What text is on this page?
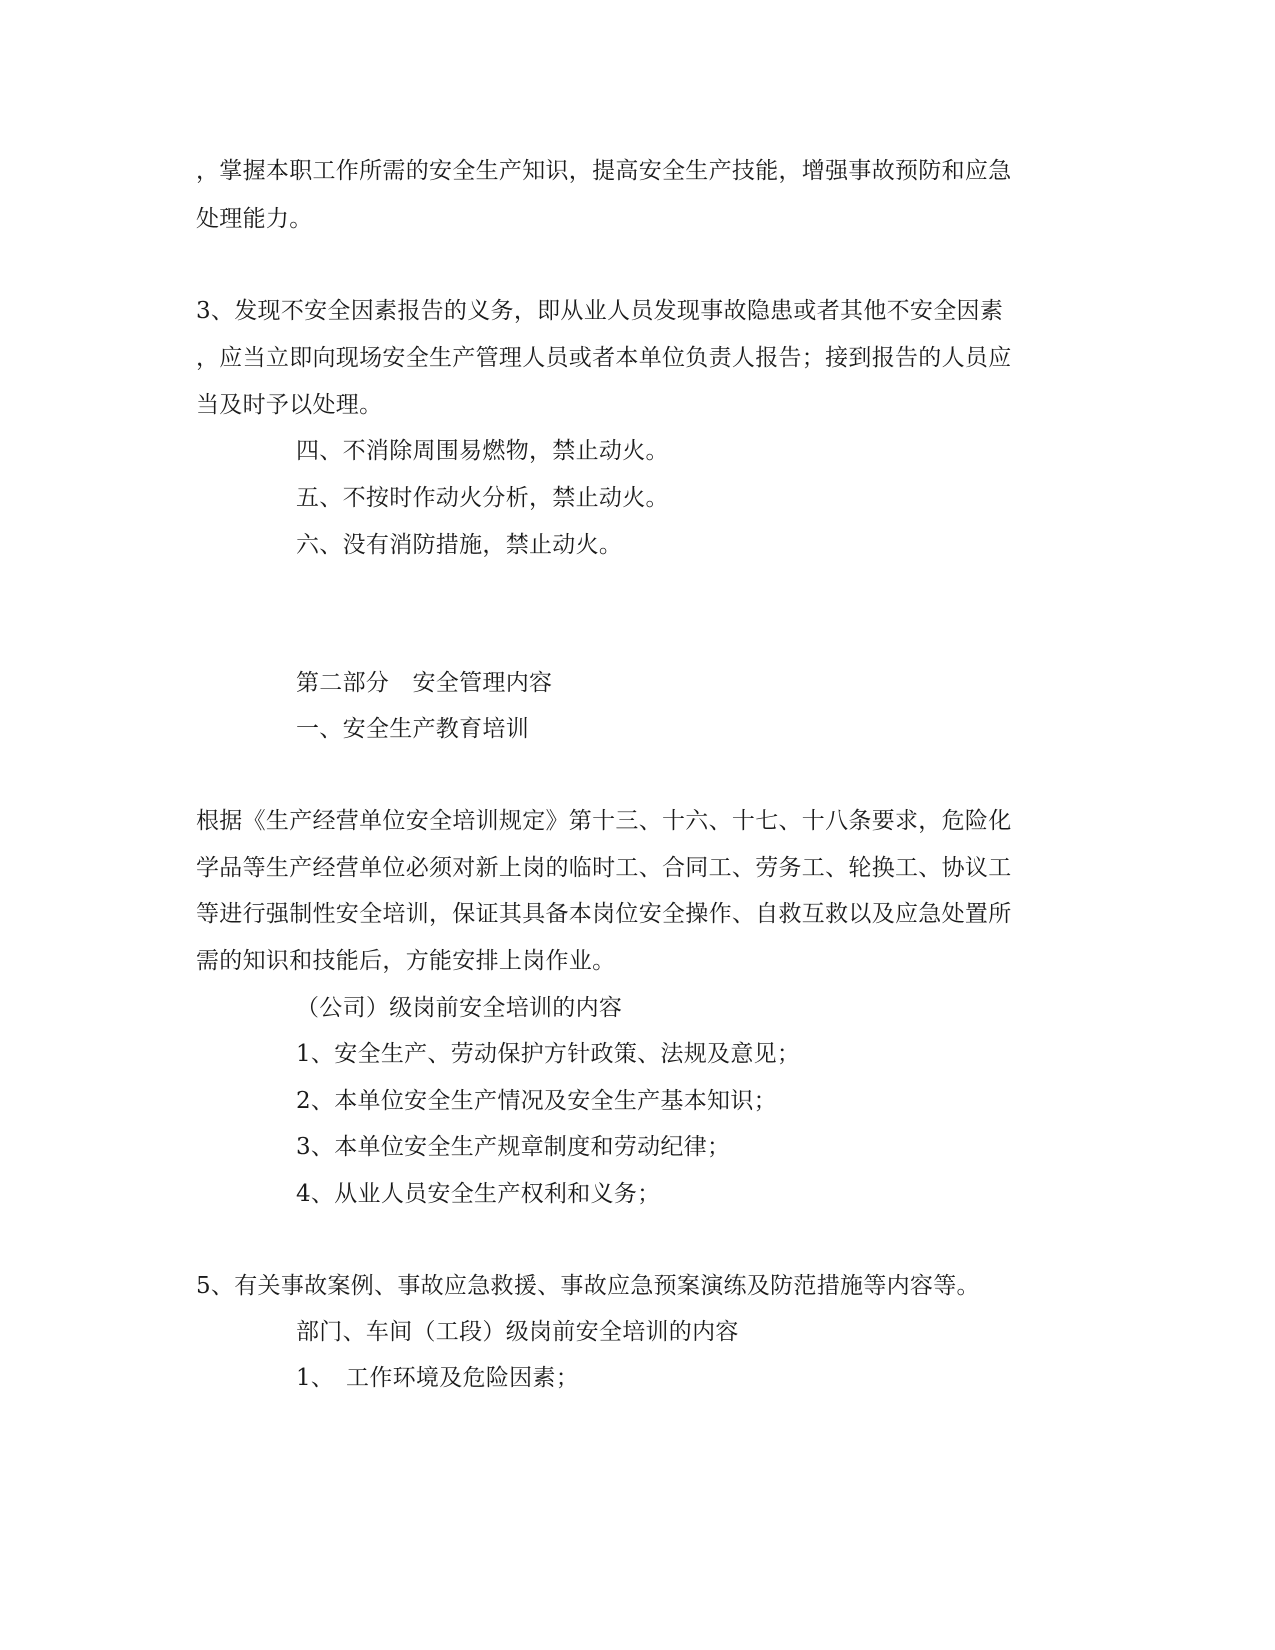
，掌握本职工作所需的安全生产知识，提高安全生产技能，增强事故预防和应急
处理能力。
3、发现不安全因素报告的义务，即从业人员发现事故隐患或者其他不安全因素
，应当立即向现场安全生产管理人员或者本单位负责人报告；接到报告的人员应
当及时予以处理。
四、不消除周围易燃物，禁止动火。
五、不按时作动火分析，禁止动火。
六、没有消防措施，禁止动火。
第二部分　安全管理内容
一、安全生产教育培训
根据《生产经营单位安全培训规定》第十三、十六、十七、十八条要求，危险化
学品等生产经营单位必须对新上岗的临时工、合同工、劳务工、轮换工、协议工
等进行强制性安全培训，保证其具备本岗位安全操作、自救互救以及应急处置所
需的知识和技能后，方能安排上岗作业。
（公司）级岗前安全培训的内容
1、安全生产、劳动保护方针政策、法规及意见；
2、本单位安全生产情况及安全生产基本知识；
3、本单位安全生产规章制度和劳动纪律；
4、从业人员安全生产权利和义务；
5、有关事故案例、事故应急救援、事故应急预案演练及防范措施等内容等。
部门、车间（工段）级岗前安全培训的内容
1、　工作环境及危险因素；
